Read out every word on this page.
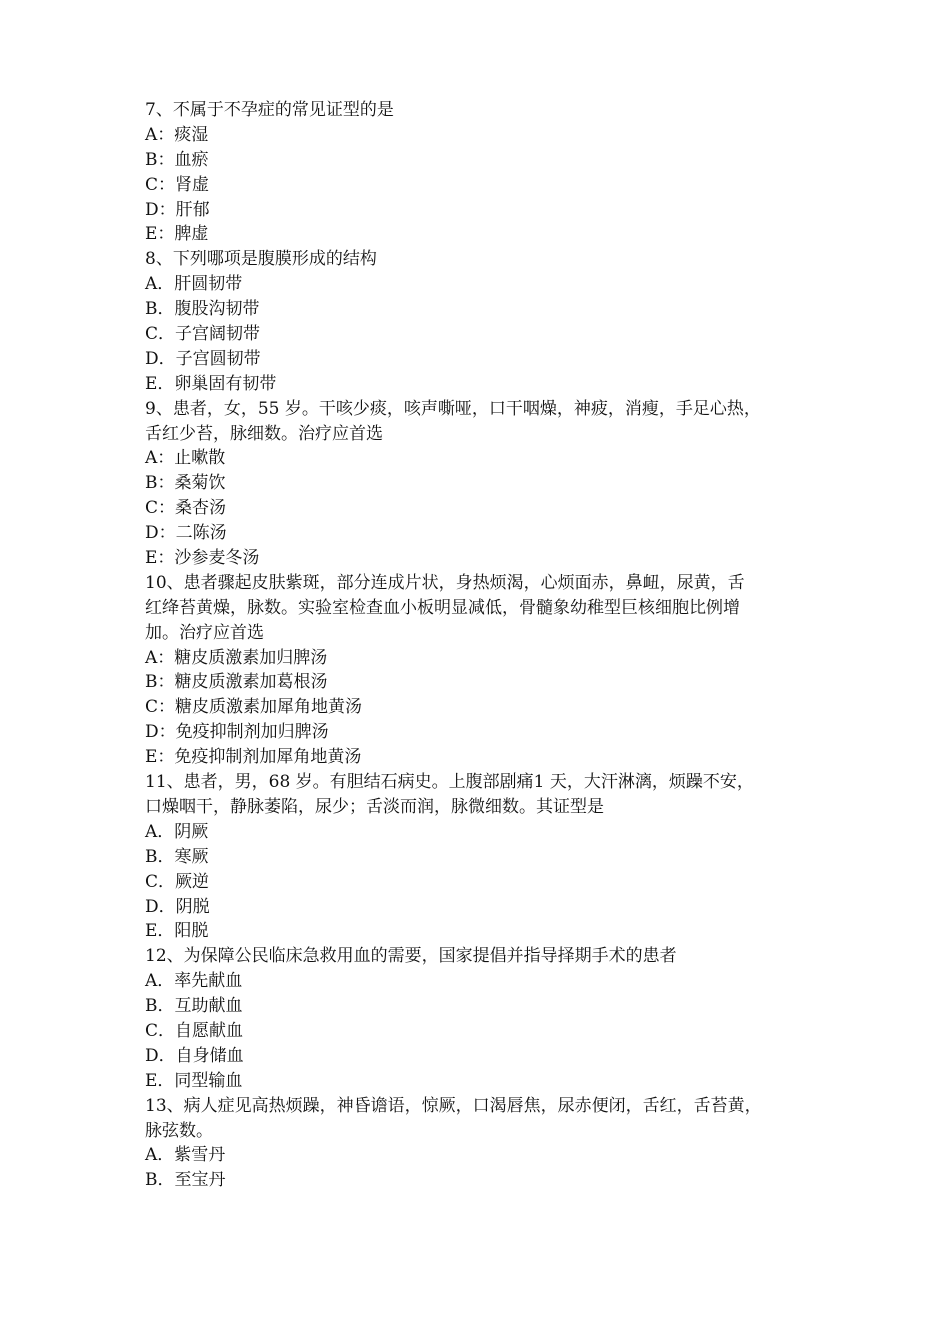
7、不属于不孕症的常见证型的是
A：痰湿
B：血瘀
C：肾虚
D：肝郁
E：脾虚
8、下列哪项是腹膜形成的结构
A．肝圆韧带
B．腹股沟韧带
C．子宫阔韧带
D．子宫圆韧带
E．卵巢固有韧带
9、患者，女，55 岁。干咳少痰，咳声嘶哑，口干咽燥，神疲，消瘦，手足心热，
舌红少苔，脉细数。治疗应首选
A：止嗽散
B：桑菊饮
C：桑杏汤
D：二陈汤
E：沙参麦冬汤
10、患者骤起皮肤紫斑，部分连成片状，身热烦渴，心烦面赤，鼻衄，尿黄，舌
红绛苔黄燥，脉数。实验室检查血小板明显减低，骨髓象幼稚型巨核细胞比例增
加。治疗应首选
A：糖皮质激素加归脾汤
B：糖皮质激素加葛根汤
C：糖皮质激素加犀角地黄汤
D：免疫抑制剂加归脾汤
E：免疫抑制剂加犀角地黄汤
11、患者，男，68 岁。有胆结石病史。上腹部剧痛1 天，大汗淋漓，烦躁不安，
口燥咽干，静脉萎陷，尿少；舌淡而润，脉微细数。其证型是
A．阴厥
B．寒厥
C．厥逆
D．阴脱
E．阳脱
12、为保障公民临床急救用血的需要，国家提倡并指导择期手术的患者
A．率先献血
B．互助献血
C．自愿献血
D．自身储血
E．同型输血
13、病人症见高热烦躁，神昏谵语，惊厥，口渴唇焦，尿赤便闭，舌红，舌苔黄，
脉弦数。
A．紫雪丹
B．至宝丹
